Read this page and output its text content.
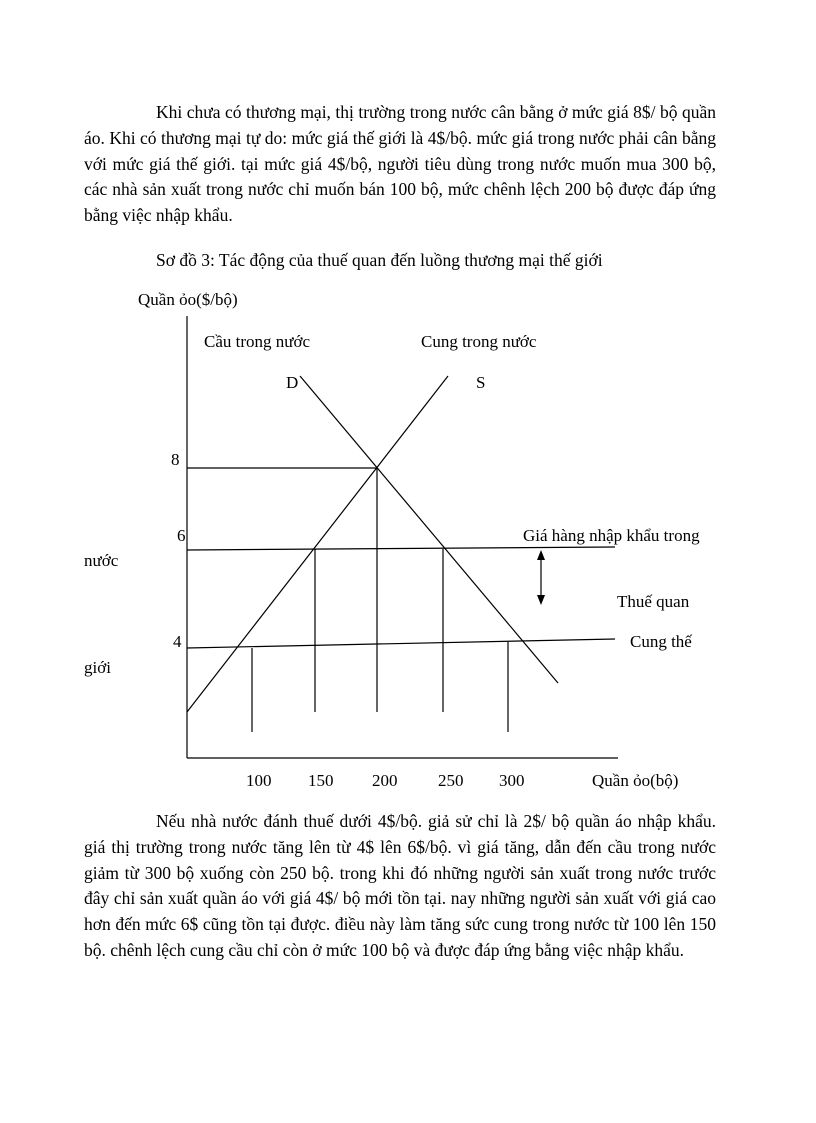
Khi chưa có thương mại, thị trường trong nước cân bằng ở mức giá 8$/ bộ quần áo. Khi có thương mại tự do: mức giá thế giới là 4$/bộ. mức giá trong nước phải cân bằng với mức giá thế giới. tại mức giá 4$/bộ, người tiêu dùng trong nước muốn mua 300 bộ, các nhà sản xuất trong nước chỉ muốn bán 100 bộ, mức chênh lệch 200 bộ được đáp ứng bằng việc nhập khẩu.

Sơ đồ 3: Tác động của thuế quan đến luồng thương mại thế giới
Quần ỏo($/bộ)
Cầu trong nước	Cung trong nước
D	S
8
6
4
Giá hàng nhập khẩu trong
nước
Thuế quan
Cung thế
giới
100 150 200 250 300	Quần ỏo(bộ)

Nếu nhà nước đánh thuế dưới 4$/bộ. giả sử chỉ là 2$/ bộ quần áo nhập khẩu. giá thị trường trong nước tăng lên từ 4$ lên 6$/bộ. vì giá tăng, dẫn đến cầu trong nước giảm từ 300 bộ xuống còn 250 bộ. trong khi đó những người sản xuất trong nước trước đây chỉ sản xuất quần áo với giá 4$/ bộ mới tồn tại. nay những người sản xuất với giá cao hơn đến mức 6$ cũng tồn tại được. điều này làm tăng sức cung trong nước từ 100 lên 150 bộ. chênh lệch cung cầu chỉ còn ở mức 100 bộ và được đáp ứng bằng việc nhập khẩu.
